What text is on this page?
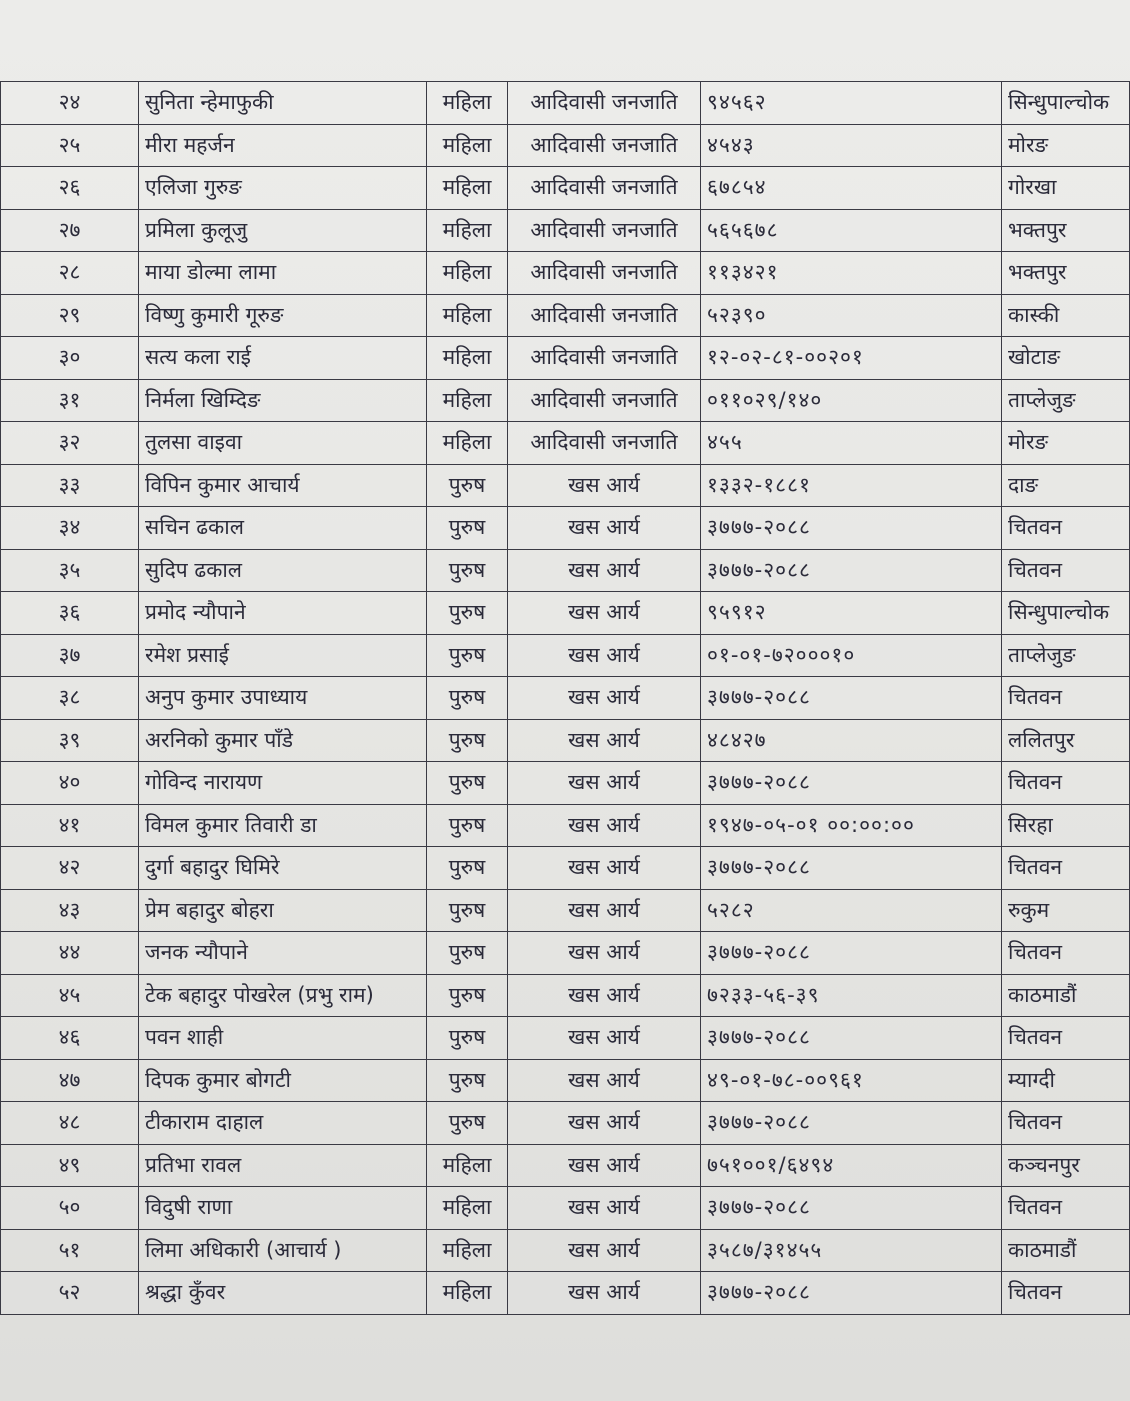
२४	सुनिता न्हेमाफुकी	महिला	आदिवासी जनजाति	९४५६२	सिन्धुपाल्चोक
२५	मीरा महर्जन	महिला	आदिवासी जनजाति	४५४३	मोरङ
२६	एलिजा गुरुङ	महिला	आदिवासी जनजाति	६७८५४	गोरखा
२७	प्रमिला कुलूजु	महिला	आदिवासी जनजाति	५६५६७८	भक्तपुर
२८	माया डोल्मा लामा	महिला	आदिवासी जनजाति	११३४२१	भक्तपुर
२९	विष्णु कुमारी गूरुङ	महिला	आदिवासी जनजाति	५२३९०	कास्की
३०	सत्य कला राई	महिला	आदिवासी जनजाति	१२-०२-८१-००२०१	खोटाङ
३१	निर्मला खिम्दिङ	महिला	आदिवासी जनजाति	०११०२९/१४०	ताप्लेजुङ
३२	तुलसा वाइवा	महिला	आदिवासी जनजाति	४५५	मोरङ
३३	विपिन कुमार आचार्य	पुरुष	खस आर्य	१३३२-१८८१	दाङ
३४	सचिन ढकाल	पुरुष	खस आर्य	३७७७-२०८८	चितवन
३५	सुदिप ढकाल	पुरुष	खस आर्य	३७७७-२०८८	चितवन
३६	प्रमोद न्यौपाने	पुरुष	खस आर्य	९५९१२	सिन्धुपाल्चोक
३७	रमेश प्रसाई	पुरुष	खस आर्य	०१-०१-७२०००१०	ताप्लेजुङ
३८	अनुप कुमार उपाध्याय	पुरुष	खस आर्य	३७७७-२०८८	चितवन
३९	अरनिको कुमार पाँडे	पुरुष	खस आर्य	४८४२७	ललितपुर
४०	गोविन्द नारायण	पुरुष	खस आर्य	३७७७-२०८८	चितवन
४१	विमल कुमार तिवारी डा	पुरुष	खस आर्य	१९४७-०५-०१ ००:००:००	सिरहा
४२	दुर्गा बहादुर घिमिरे	पुरुष	खस आर्य	३७७७-२०८८	चितवन
४३	प्रेम बहादुर बोहरा	पुरुष	खस आर्य	५२८२	रुकुम
४४	जनक न्यौपाने	पुरुष	खस आर्य	३७७७-२०८८	चितवन
४५	टेक बहादुर पोखरेल (प्रभु राम)	पुरुष	खस आर्य	७२३३-५६-३९	काठमाडौं
४६	पवन शाही	पुरुष	खस आर्य	३७७७-२०८८	चितवन
४७	दिपक कुमार बोगटी	पुरुष	खस आर्य	४९-०१-७८-००९६१	म्याग्दी
४८	टीकाराम दाहाल	पुरुष	खस आर्य	३७७७-२०८८	चितवन
४९	प्रतिभा रावल	महिला	खस आर्य	७५१००१/६४९४	कञ्चनपुर
५०	विदुषी राणा	महिला	खस आर्य	३७७७-२०८८	चितवन
५१	लिमा अधिकारी (आचार्य )	महिला	खस आर्य	३५८७/३१४५५	काठमाडौं
५२	श्रद्धा कुँवर	महिला	खस आर्य	३७७७-२०८८	चितवन
